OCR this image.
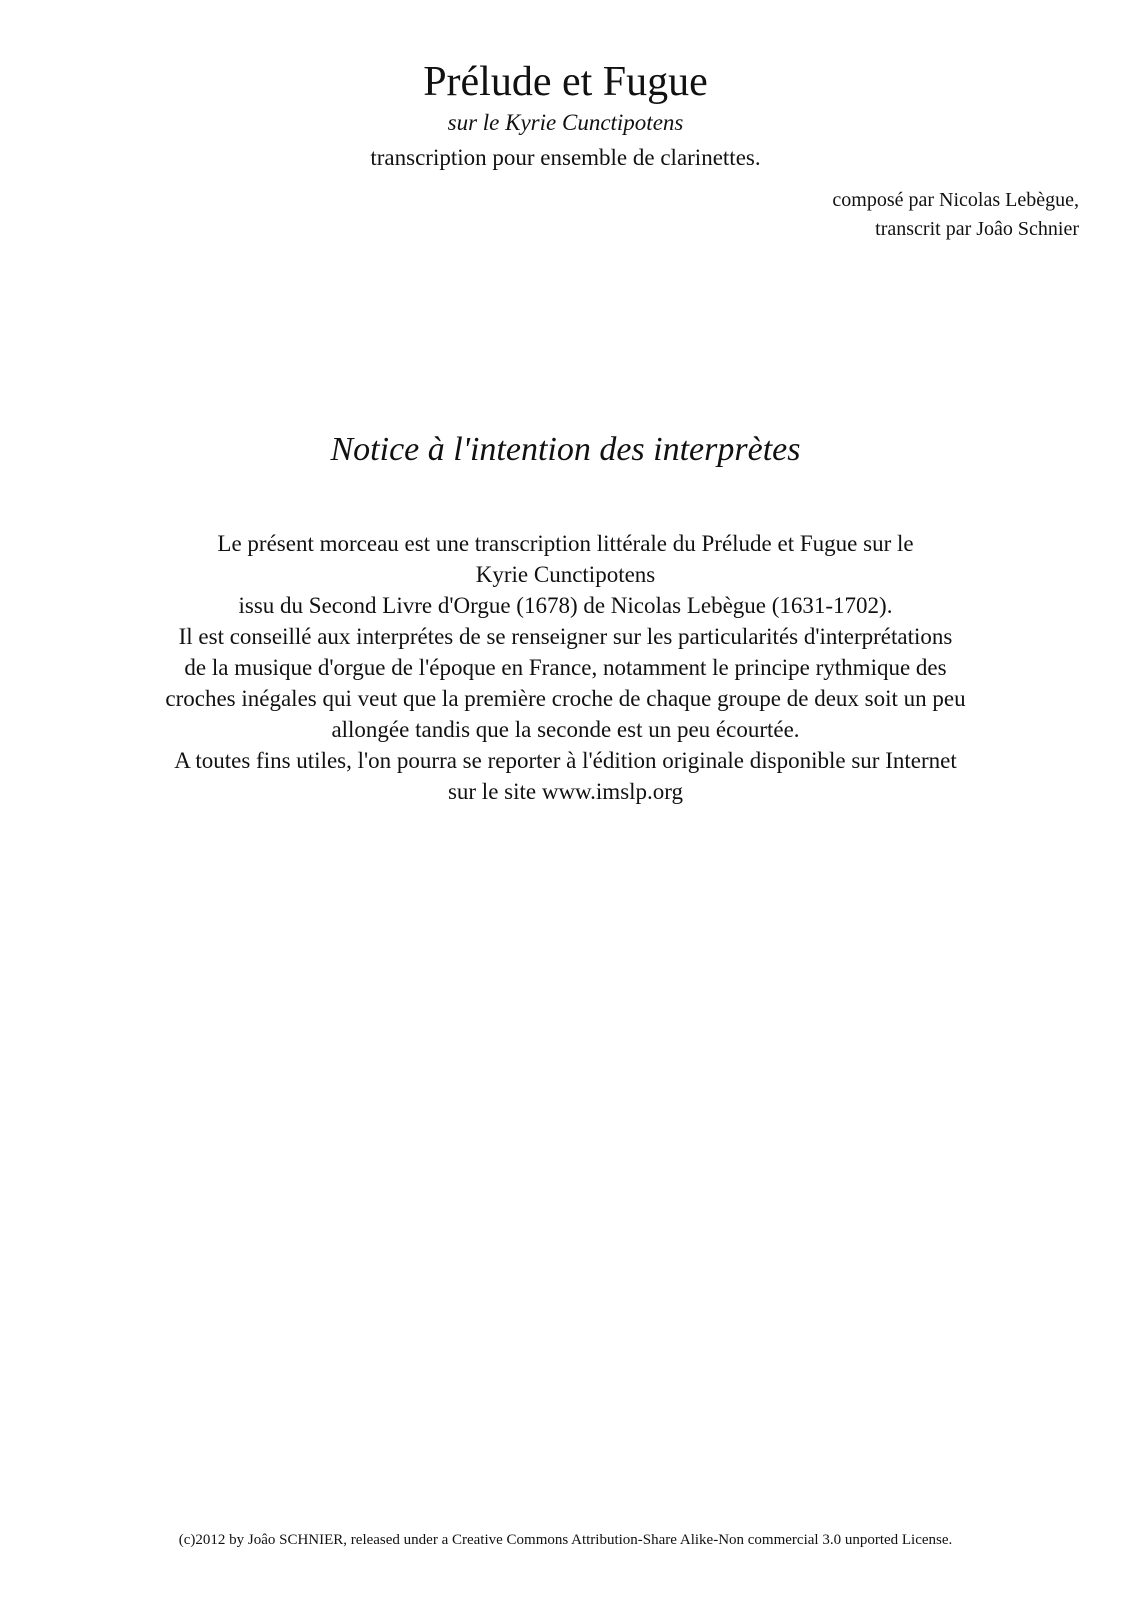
Prélude et Fugue
sur le Kyrie Cunctipotens
transcription pour ensemble de clarinettes.
composé par Nicolas Lebègue,
transcrit par Joâo Schnier
Notice à l'intention des interprètes
Le présent morceau est une transcription littérale du Prélude et Fugue sur le
Kyrie Cunctipotens
issu du Second Livre d'Orgue (1678) de Nicolas Lebègue (1631-1702).
Il est conseillé aux interprétes de se renseigner sur les particularités d'interprétations
de la musique d'orgue de l'époque en France, notamment le principe rythmique des
croches inégales qui veut que la première croche de chaque groupe de deux soit un peu
allongée tandis que la seconde est un peu écourtée.
A toutes fins utiles, l'on pourra se reporter à l'édition originale disponible sur Internet
sur le site www.imslp.org
(c)2012 by Joâo SCHNIER, released under a Creative Commons Attribution-Share Alike-Non commercial 3.0 unported License.
